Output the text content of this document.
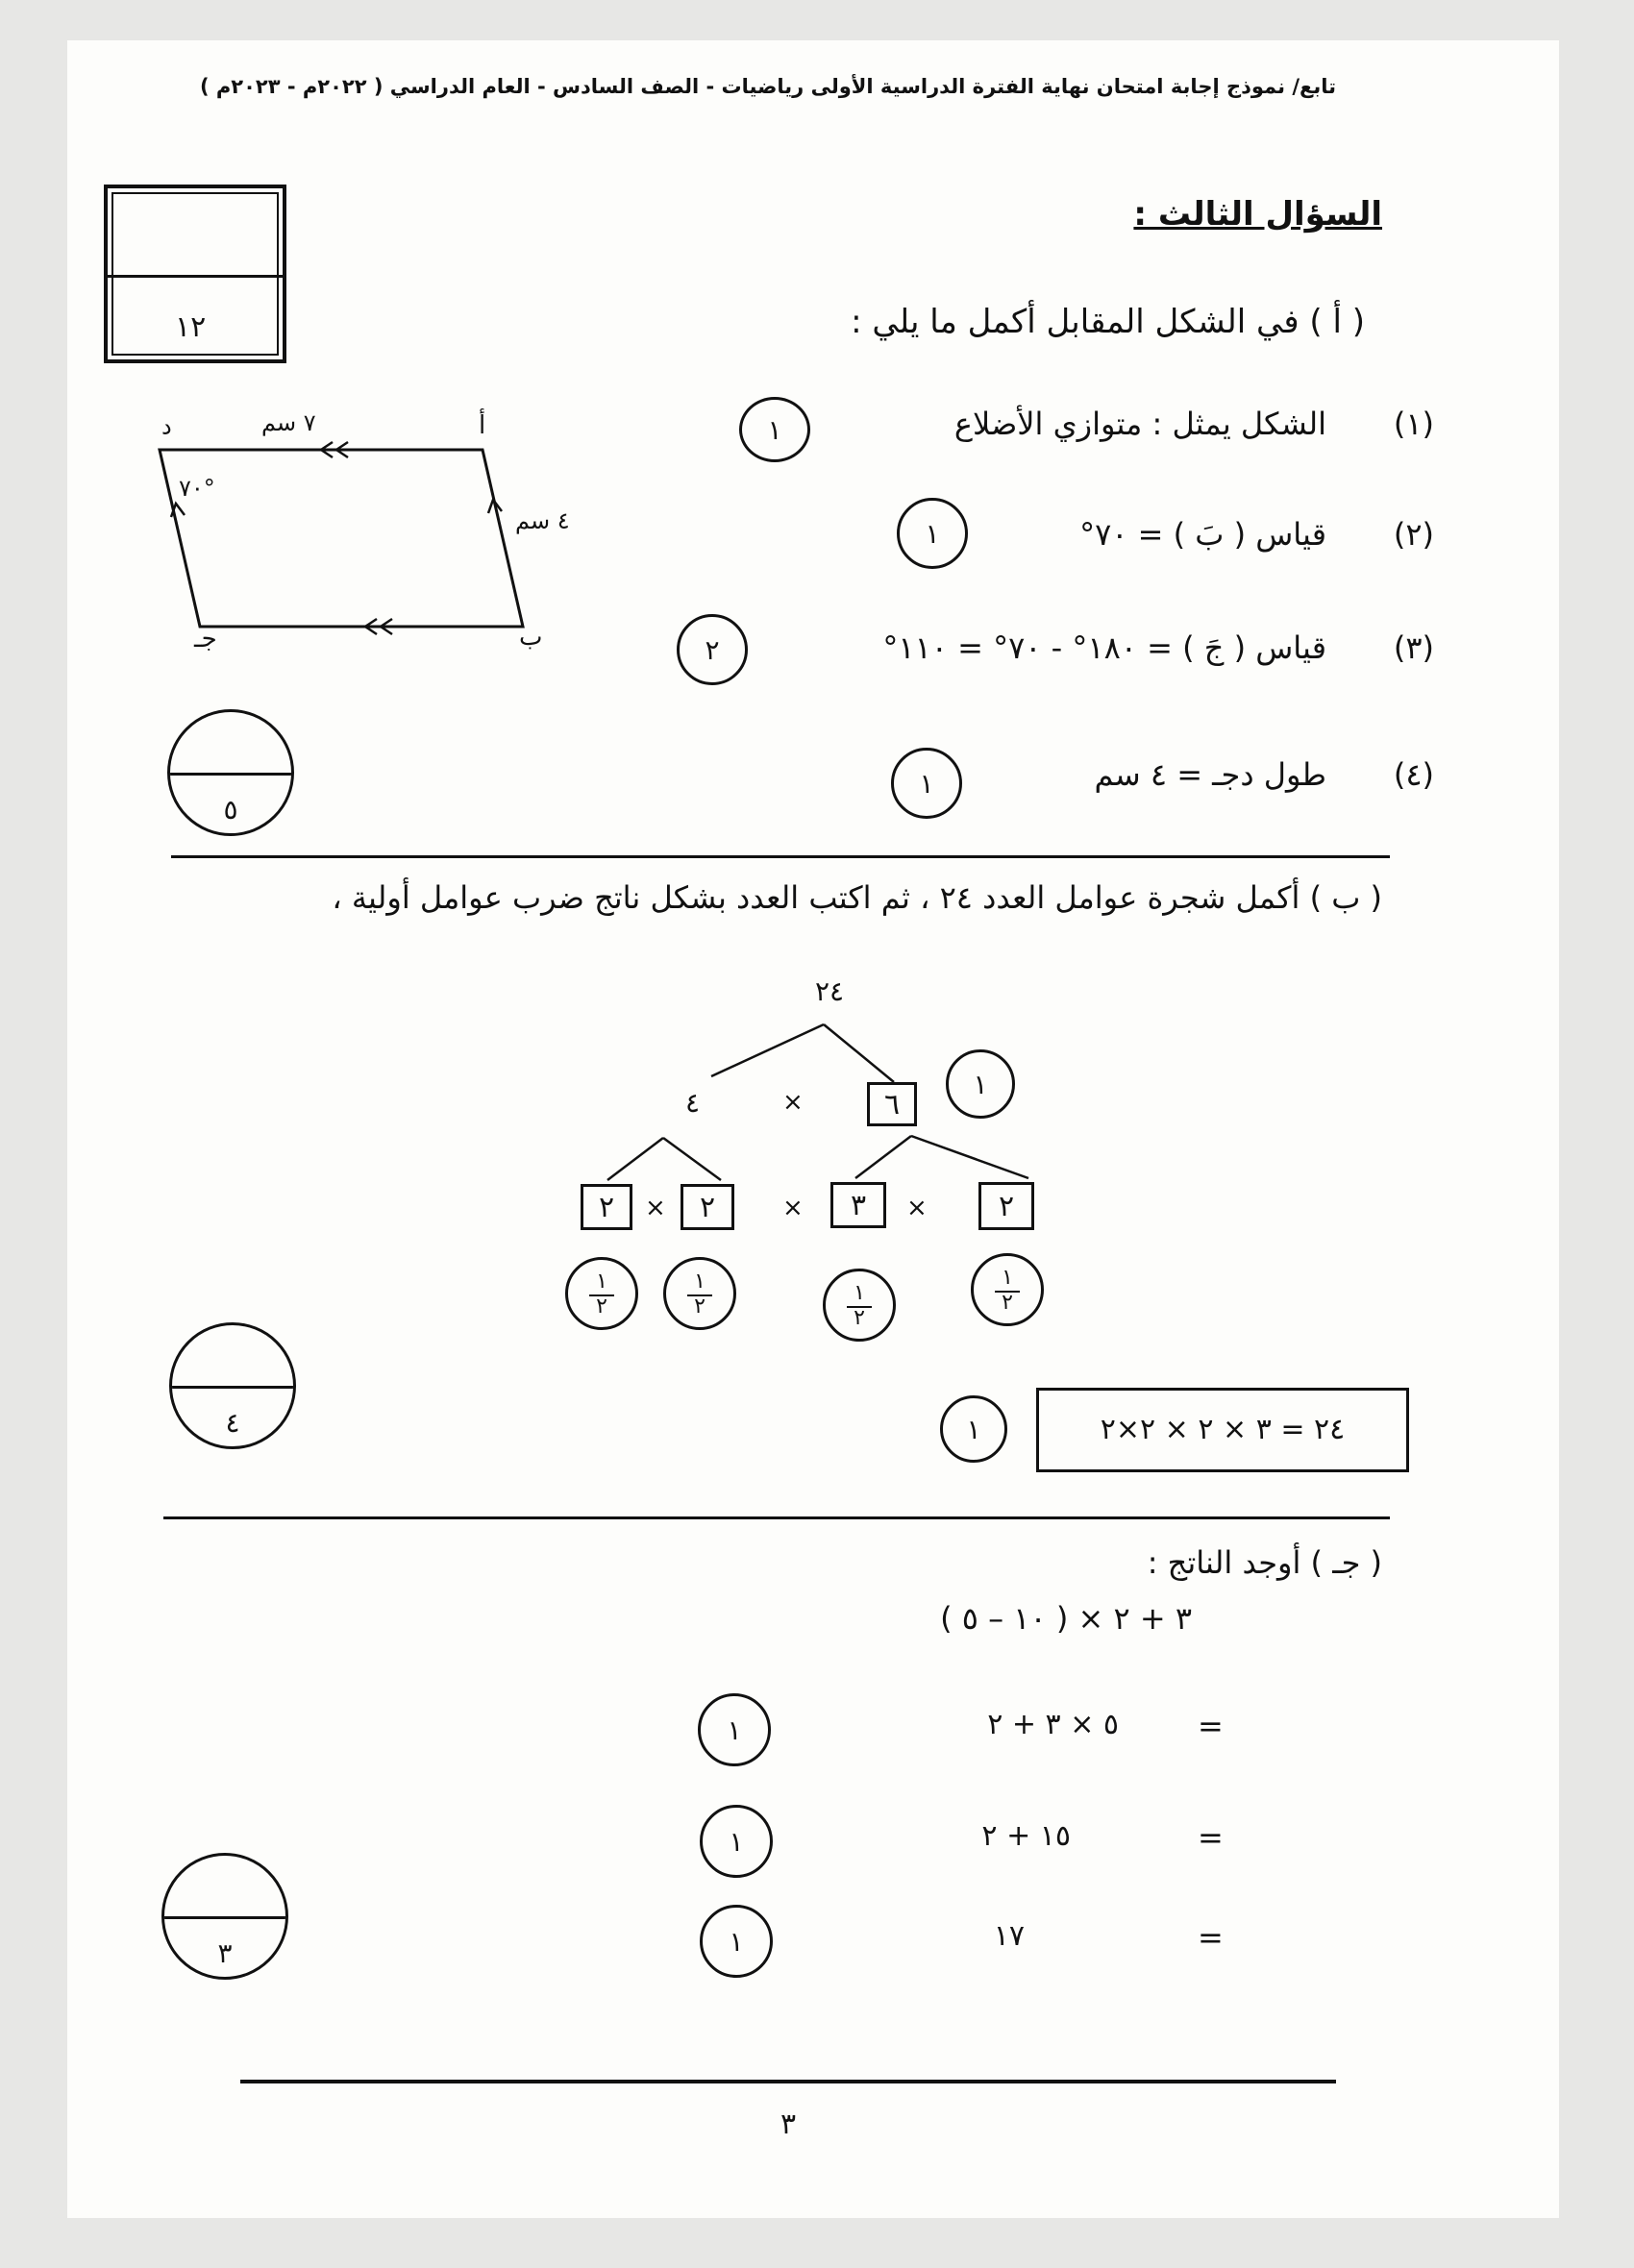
تابع/ نموذج إجابة امتحان نهاية الفترة الدراسية الأولى رياضيات - الصف السادس - العام الدراسي ( ٢٠٢٢م - ٢٠٢٣م )
السؤال الثالث :
١٢	( أ ) في الشكل المقابل أكمل ما يلي :
(١)
الشكل يمثل : متوازي الأضلاع
١
(٢)
قياس ( بَ ) = ٧٠°
١
(٣)
قياس ( جَ ) = ١٨٠° - ٧٠° = ١١٠°
٢
(٤)
طول دجـ = ٤ سم
١
أ
د
ب
جـ
٧ سم
٤ سم
٧٠°
٥
( ب ) أكمل شجرة عوامل العدد ٢٤ ، ثم اكتب العدد بشكل ناتج ضرب عوامل أولية ،
٢٤
٤	×	٦
١
٢	×	٢	×	٣	×	٢
١
٢
١
٢
١
٢
١
٢
١	٢٤ = ٣ × ٢ × ٢×٢
٤
( جـ ) أوجد الناتج :
( ١٠ – ٥ ) × ٣ + ٢
=
٥ × ٣ + ٢
١
=
١٥ + ٢
١
=
١٧
١
٣
٣
